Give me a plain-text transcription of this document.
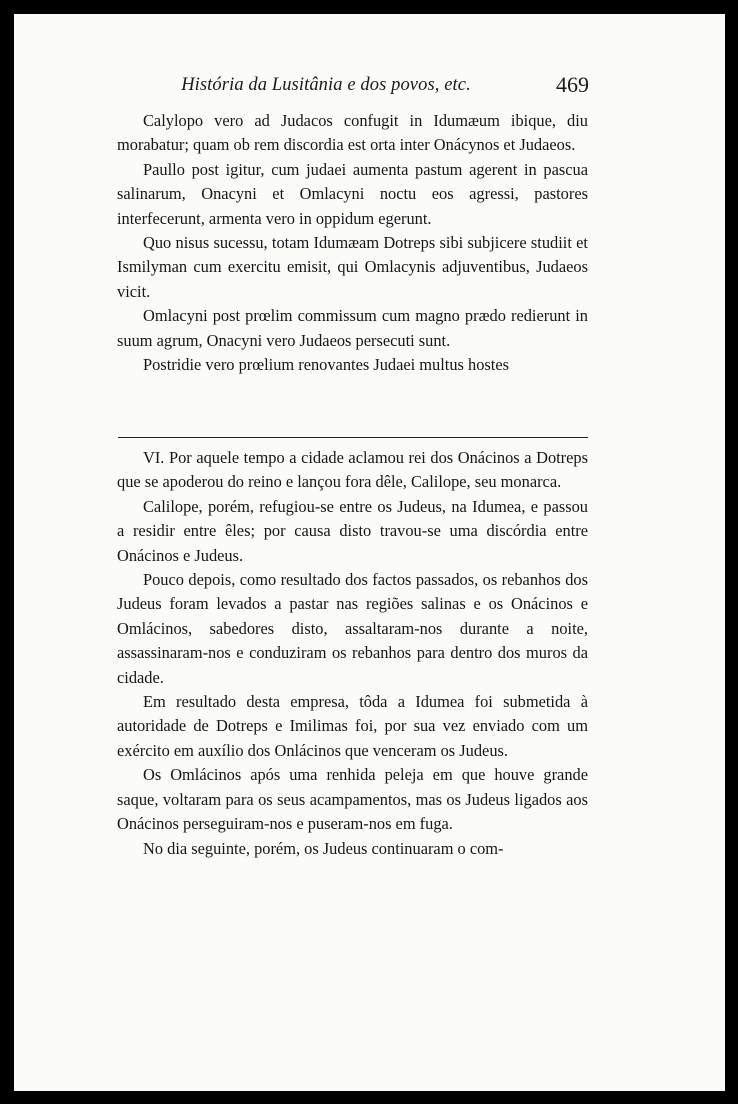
História da Lusitânia e dos povos, etc.	469

Calylopo vero ad Judacos confugit in Idumæum ibique, diu morabatur; quam ob rem discordia est orta inter Onácynos et Judaeos.

Paullo post igitur, cum judaei aumenta pastum agerent in pascua salinarum, Onacyni et Omlacyni noctu eos agressi, pastores interfecerunt, armenta vero in oppidum egerunt.

Quo nisus sucessu, totam Idumæam Dotreps sibi subjicere studiit et Ismilyman cum exercitu emisit, qui Omlacynis adjuventibus, Judaeos vicit.

Omlacyni post prœlim commissum cum magno prædo redierunt in suum agrum, Onacyni vero Judaeos persecuti sunt.

Postridie vero prœlium renovantes Judaei multus hostes

VI. Por aquele tempo a cidade aclamou rei dos Onácinos a Dotreps que se apoderou do reino e lançou fora dêle, Calilope, seu monarca.

Calilope, porém, refugiou-se entre os Judeus, na Idumea, e passou a residir entre êles; por causa disto travou-se uma discórdia entre Onácinos e Judeus.

Pouco depois, como resultado dos factos passados, os rebanhos dos Judeus foram levados a pastar nas regiões salinas e os Onácinos e Omlácinos, sabedores disto, assaltaram-nos durante a noite, assassinaram-nos e conduziram os rebanhos para dentro dos muros da cidade.

Em resultado desta empresa, tôda a Idumea foi submetida à autoridade de Dotreps e Imilimas foi, por sua vez enviado com um exército em auxílio dos Onlácinos que venceram os Judeus.

Os Omlácinos após uma renhida peleja em que houve grande saque, voltaram para os seus acampamentos, mas os Judeus ligados aos Onácinos perseguiram-nos e puseram-nos em fuga.

No dia seguinte, porém, os Judeus continuaram o com-
